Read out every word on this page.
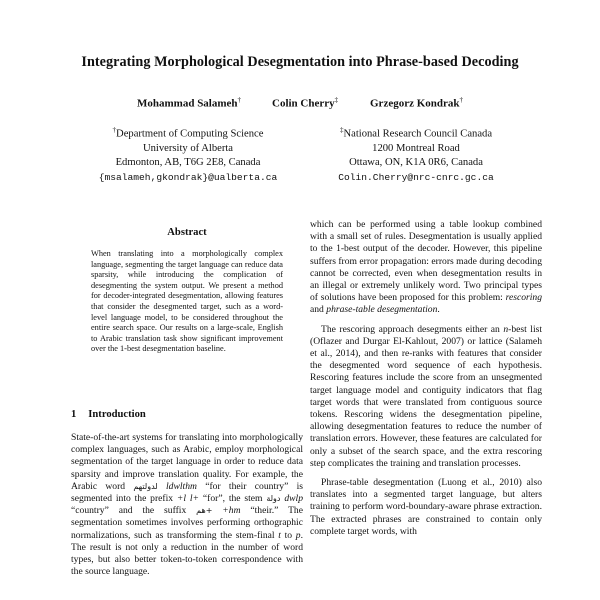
Integrating Morphological Desegmentation into Phrase-based Decoding
Mohammad Salameh†	Colin Cherry‡	Grzegorz Kondrak†
†Department of Computing Science
University of Alberta
Edmonton, AB, T6G 2E8, Canada
{msalameh,gkondrak}@ualberta.ca
‡National Research Council Canada
1200 Montreal Road
Ottawa, ON, K1A 0R6, Canada
Colin.Cherry@nrc-cnrc.gc.ca
Abstract
When translating into a morphologically complex language, segmenting the target language can reduce data sparsity, while introducing the complication of desegmenting the system output. We present a method for decoder-integrated desegmentation, allowing features that consider the desegmented target, such as a word-level language model, to be considered throughout the entire search space. Our results on a large-scale, English to Arabic translation task show significant improvement over the 1-best desegmentation baseline.
1 Introduction

State-of-the-art systems for translating into morphologically complex languages, such as Arabic, employ morphological segmentation of the target language in order to reduce data sparsity and improve translation quality. For example, the Arabic word لدولتهم ldwlthm “for their country” is segmented into the prefix +l l+ “for”, the stem دولة dwlp “country” and the suffix هم+ +hm “their.” The segmentation sometimes involves performing orthographic normalizations, such as transforming the stem-final t to p. The result is not only a reduction in the number of word types, but also better token-to-token correspondence with the source language.

which can be performed using a table lookup combined with a small set of rules. Desegmentation is usually applied to the 1-best output of the decoder. However, this pipeline suffers from error propagation: errors made during decoding cannot be corrected, even when desegmentation results in an illegal or extremely unlikely word. Two principal types of solutions have been proposed for this problem: rescoring and phrase-table desegmentation.

The rescoring approach desegments either an n-best list (Oflazer and Durgar El-Kahlout, 2007) or lattice (Salameh et al., 2014), and then re-ranks with features that consider the desegmented word sequence of each hypothesis. Rescoring features include the score from an unsegmented target language model and contiguity indicators that flag target words that were translated from contiguous source tokens. Rescoring widens the desegmentation pipeline, allowing desegmentation features to reduce the number of translation errors. However, these features are calculated for only a subset of the search space, and the extra rescoring step complicates the training and translation processes.

Phrase-table desegmentation (Luong et al., 2010) also translates into a segmented target language, but alters training to perform word-boundary-aware phrase extraction. The extracted phrases are constrained to contain only complete target words, with
